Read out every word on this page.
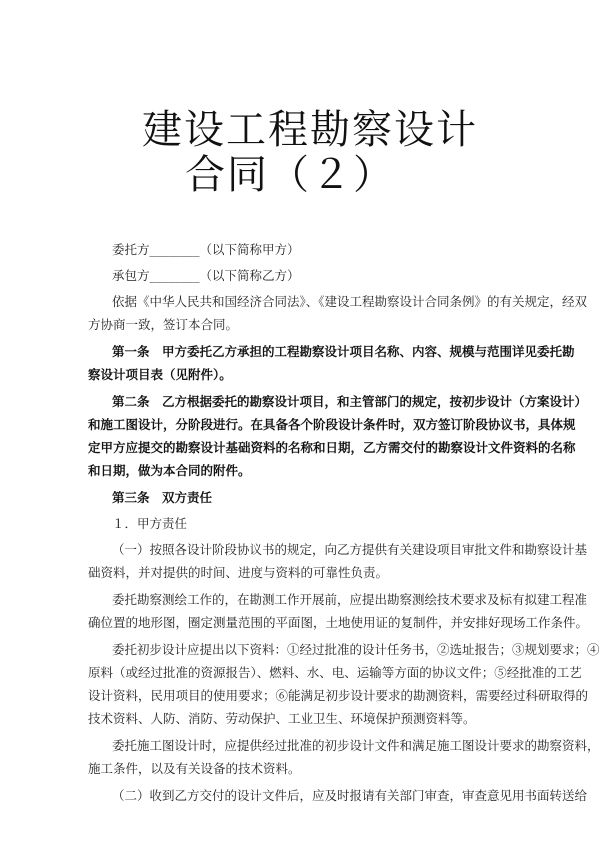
建设工程勘察设计
合同（２）
委托方________（以下简称甲方）
承包方________（以下简称乙方）
依据《中华人民共和国经济合同法》、《建设工程勘察设计合同条例》的有关规定，经双
方协商一致，签订本合同。
第一条　甲方委托乙方承担的工程勘察设计项目名称、内容、规模与范围详见委托勘
察设计项目表（见附件）。
第二条　乙方根据委托的勘察设计项目，和主管部门的规定，按初步设计（方案设计）
和施工图设计，分阶段进行。在具备各个阶段设计条件时，双方签订阶段协议书，具体规
定甲方应提交的勘察设计基础资料的名称和日期，乙方需交付的勘察设计文件资料的名称
和日期，做为本合同的附件。
第三条　双方责任
１．甲方责任
（一）按照各设计阶段协议书的规定，向乙方提供有关建设项目审批文件和勘察设计基
础资料，并对提供的时间、进度与资料的可靠性负责。
委托勘察测绘工作的，在勘测工作开展前，应提出勘察测绘技术要求及标有拟建工程准
确位置的地形图，圈定测量范围的平面图，土地使用证的复制件，并安排好现场工作条件。
委托初步设计应提出以下资料：①经过批准的设计任务书，②选址报告；③规划要求；④
原料（或经过批准的资源报告）、燃料、水、电、运输等方面的协议文件；⑤经批准的工艺
设计资料，民用项目的使用要求；⑥能满足初步设计要求的勘测资料，需要经过科研取得的
技术资料、人防、消防、劳动保护、工业卫生、环境保护预测资料等。
委托施工图设计时，应提供经过批准的初步设计文件和满足施工图设计要求的勘察资料，
施工条件，以及有关设备的技术资料。
（二）收到乙方交付的设计文件后，应及时报请有关部门审查，审查意见用书面转送给
